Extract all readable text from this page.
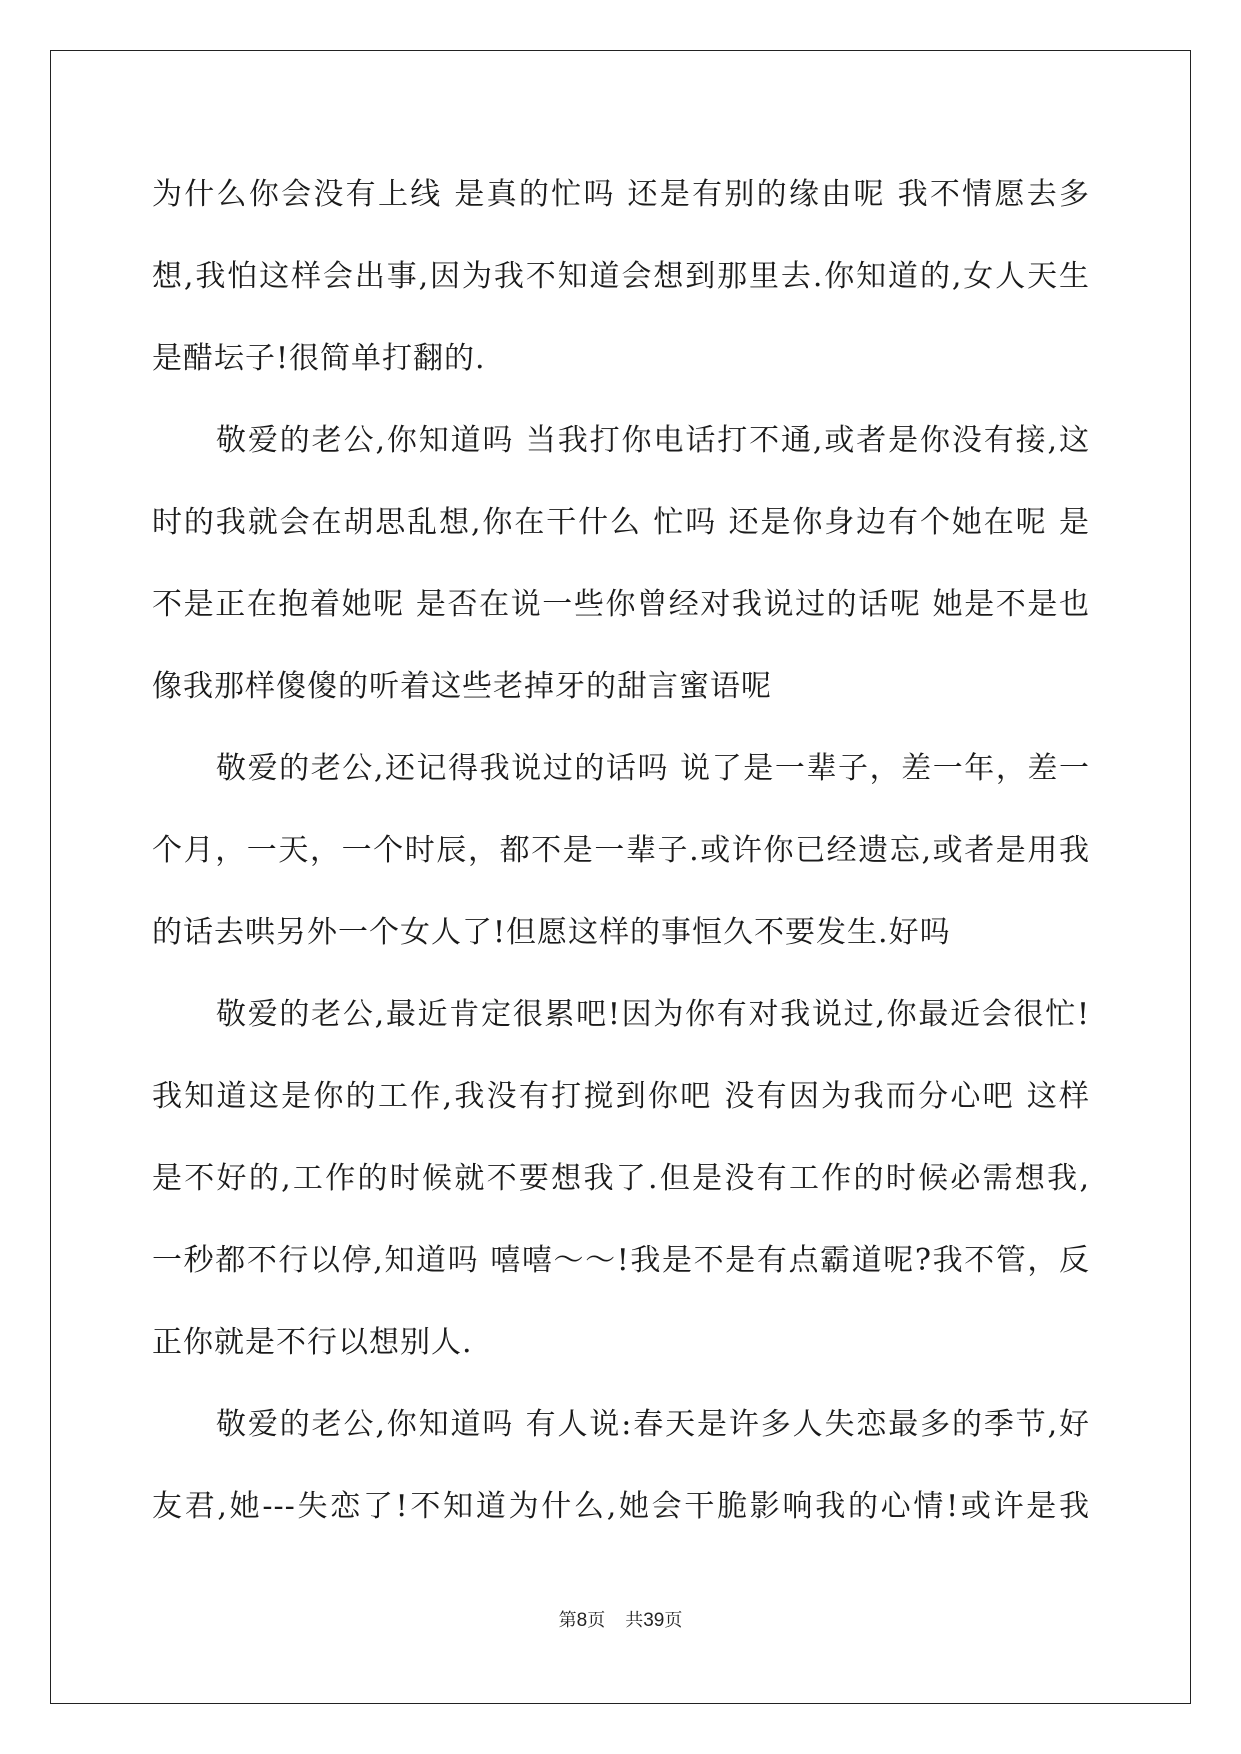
为什么你会没有上线 是真的忙吗 还是有别的缘由呢 我不情愿去多
想,我怕这样会出事,因为我不知道会想到那里去.你知道的,女人天生
是醋坛子!很简单打翻的.
敬爱的老公,你知道吗 当我打你电话打不通,或者是你没有接,这
时的我就会在胡思乱想,你在干什么 忙吗 还是你身边有个她在呢 是
不是正在抱着她呢 是否在说一些你曾经对我说过的话呢 她是不是也
像我那样傻傻的听着这些老掉牙的甜言蜜语呢
敬爱的老公,还记得我说过的话吗 说了是一辈子，差一年，差一
个月，一天，一个时辰，都不是一辈子.或许你已经遗忘,或者是用我
的话去哄另外一个女人了!但愿这样的事恒久不要发生.好吗
敬爱的老公,最近肯定很累吧!因为你有对我说过,你最近会很忙!
我知道这是你的工作,我没有打搅到你吧 没有因为我而分心吧 这样
是不好的,工作的时候就不要想我了.但是没有工作的时候必需想我,
一秒都不行以停,知道吗 嘻嘻～～!我是不是有点霸道呢?我不管，反
正你就是不行以想别人.
敬爱的老公,你知道吗 有人说:春天是许多人失恋最多的季节,好
友君,她---失恋了!不知道为什么,她会干脆影响我的心情!或许是我
第8页 共39页
